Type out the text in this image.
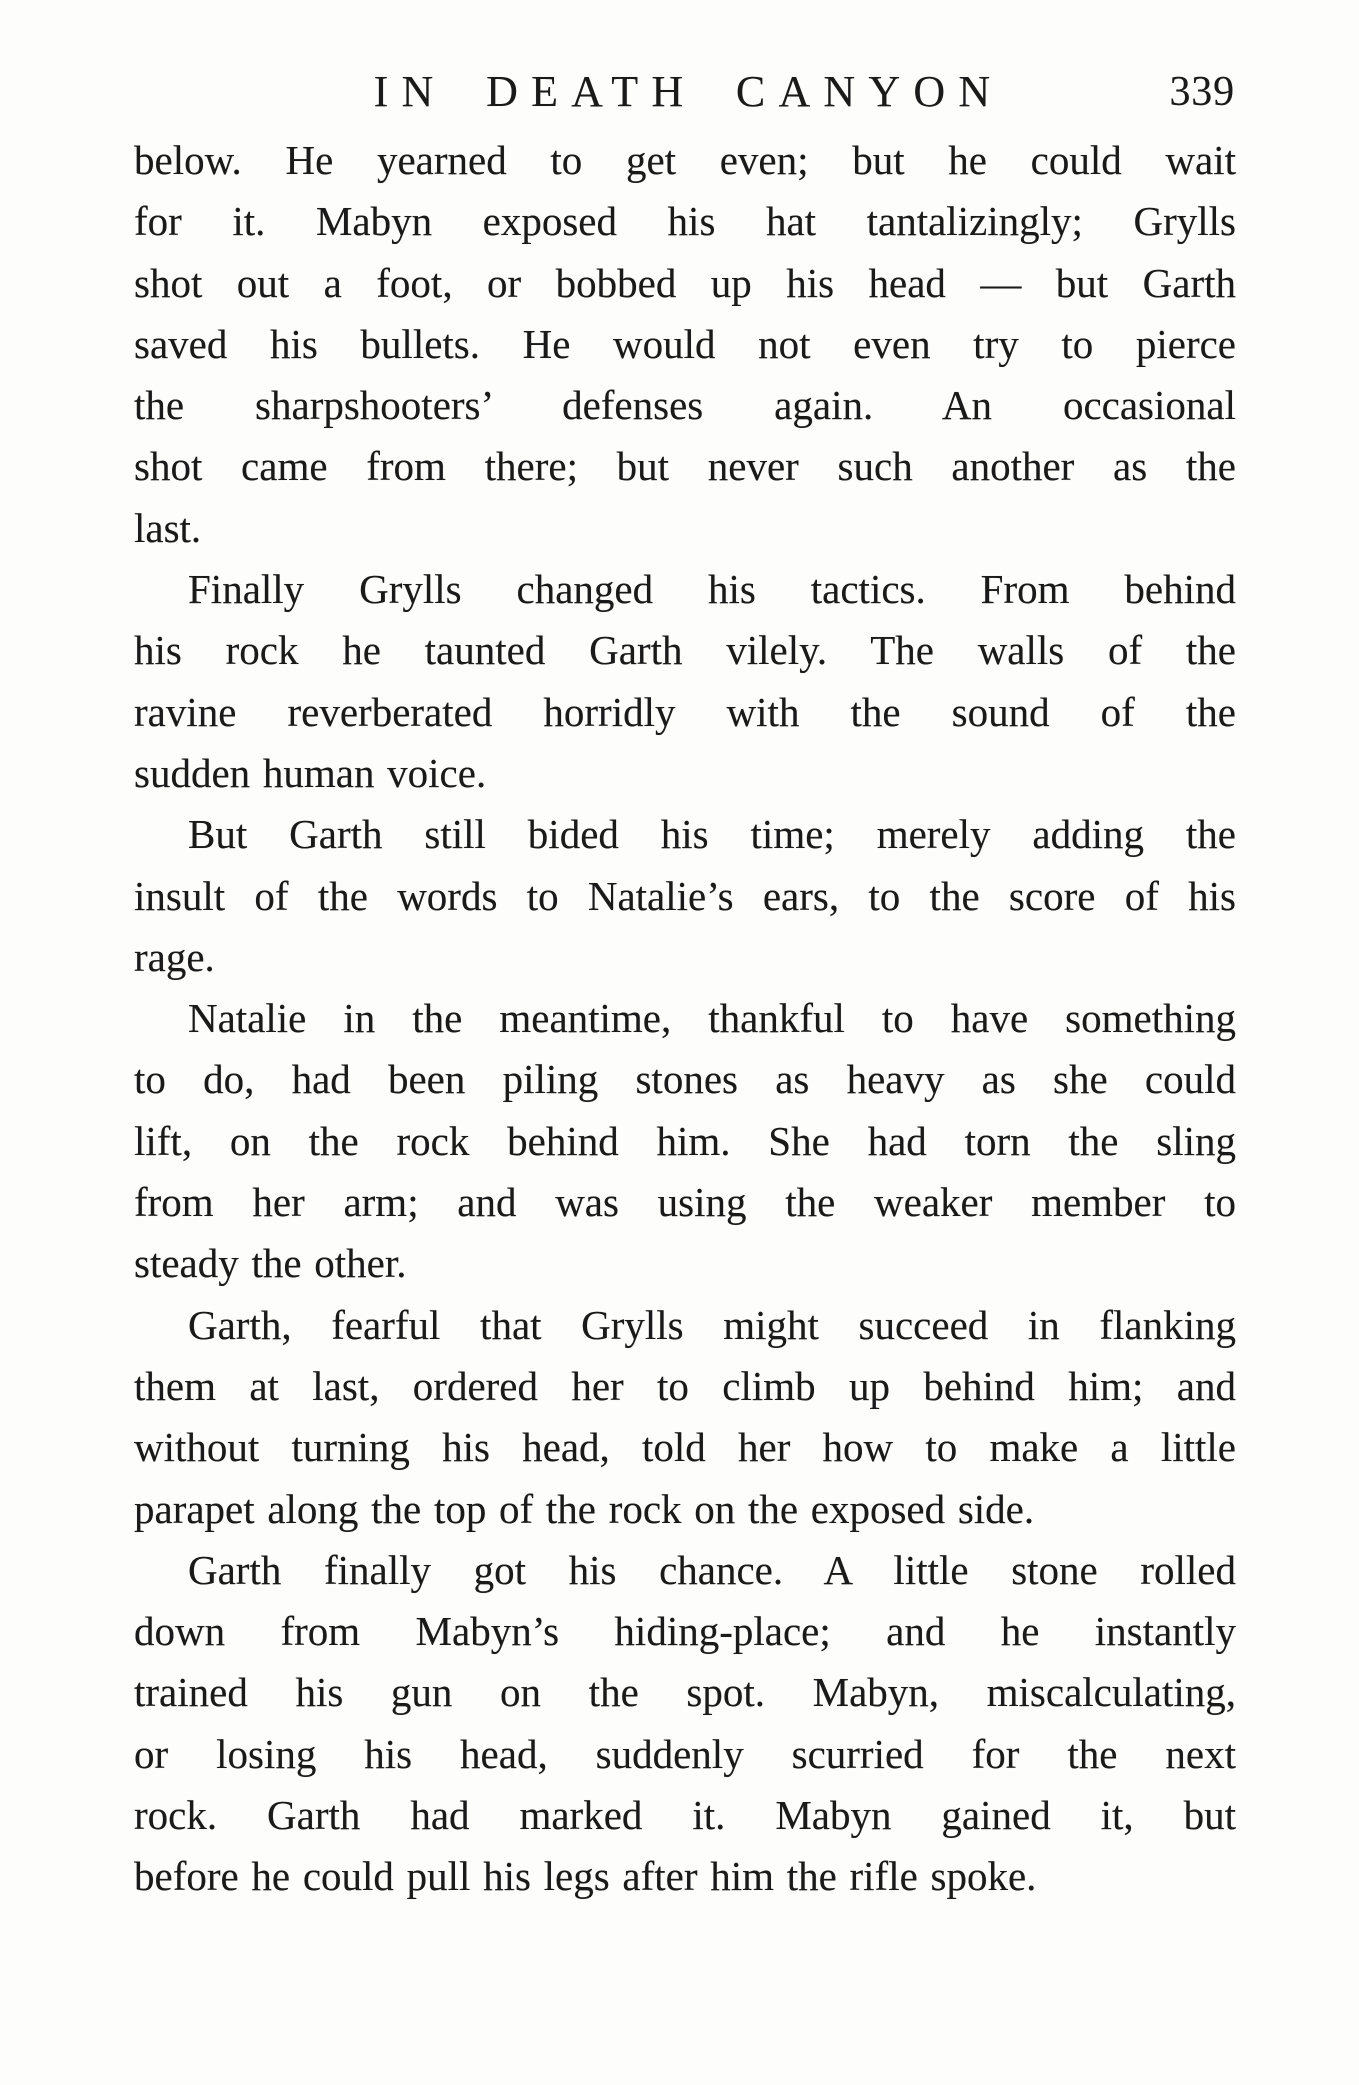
IN DEATH CANYON	339
below. He yearned to get even; but he could wait
for it. Mabyn exposed his hat tantalizingly; Grylls
shot out a foot, or bobbed up his head — but Garth
saved his bullets. He would not even try to pierce
the sharpshooters’ defenses again. An occasional
shot came from there; but never such another as the
last.
Finally Grylls changed his tactics. From behind
his rock he taunted Garth vilely. The walls of the
ravine reverberated horridly with the sound of the
sudden human voice.
But Garth still bided his time; merely adding the
insult of the words to Natalie’s ears, to the score of his
rage.
Natalie in the meantime, thankful to have something
to do, had been piling stones as heavy as she could
lift, on the rock behind him. She had torn the sling
from her arm; and was using the weaker member to
steady the other.
Garth, fearful that Grylls might succeed in flanking
them at last, ordered her to climb up behind him; and
without turning his head, told her how to make a little
parapet along the top of the rock on the exposed side.
Garth finally got his chance. A little stone rolled
down from Mabyn’s hiding-place; and he instantly
trained his gun on the spot. Mabyn, miscalculating,
or losing his head, suddenly scurried for the next
rock. Garth had marked it. Mabyn gained it, but
before he could pull his legs after him the rifle spoke.
